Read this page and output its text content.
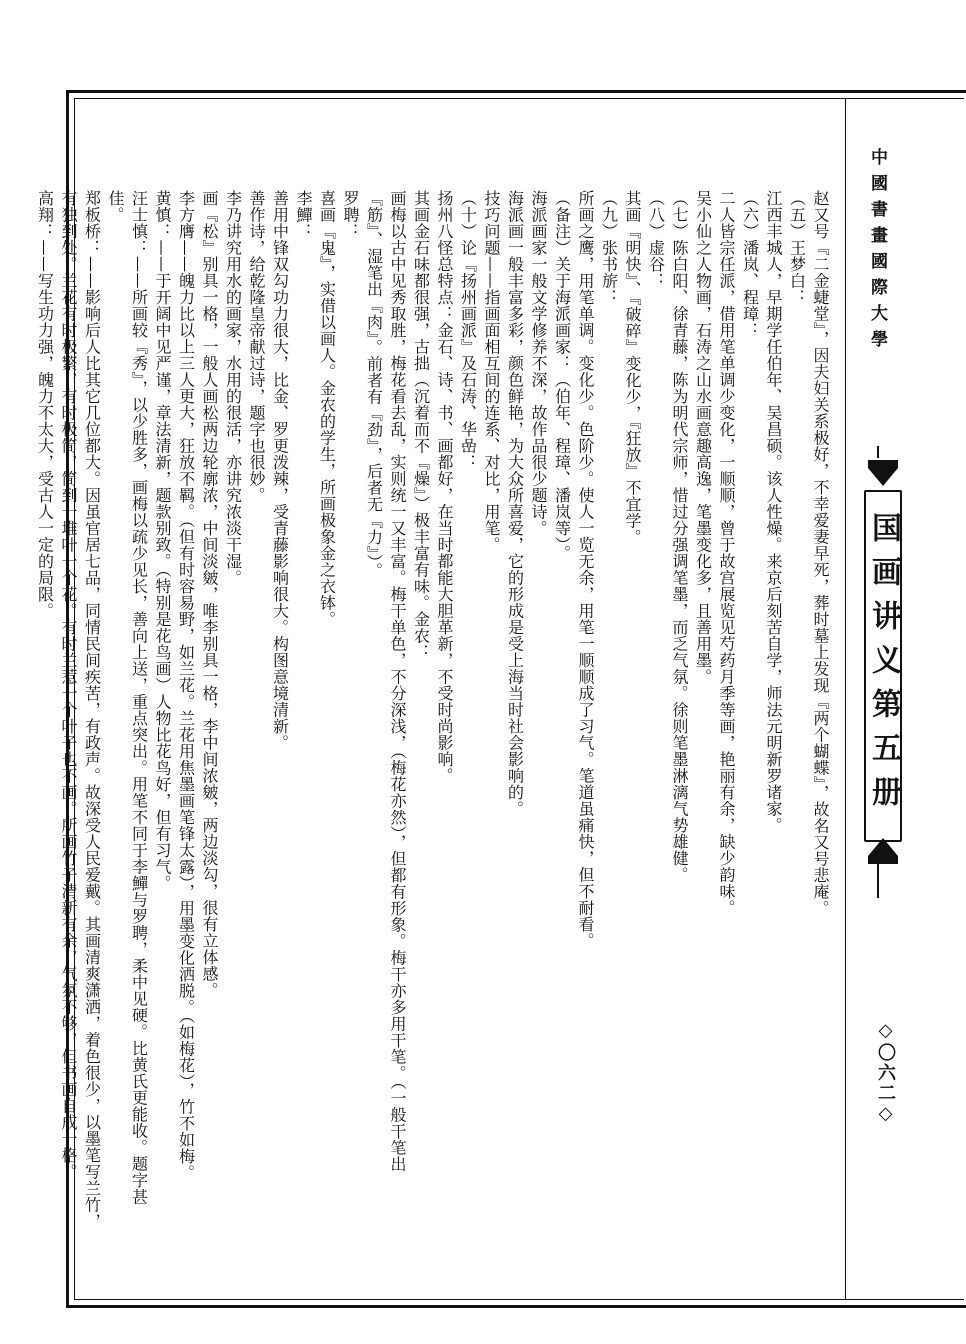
中國書畫國際大學
国画讲义第五册
◇〇六二◇

赵又号『二金蜨堂』，因夫妇关系极好，不幸爱妻早死，葬时墓上发现『两个蝴蝶』，故名又号悲庵。

（五）王梦白：

江西丰城人，早期学任伯年、吴昌硕。该人性燥。来京后刻苦自学，师法元明新罗诸家。

（六）潘岚、程璋：

二人皆宗任派，借用笔单调少变化，一顺顺，曾于故宫展览见芍药月季等画，艳丽有余，缺少韵味。

吴小仙之人物画，石涛之山水画意趣高逸，笔墨变化多，且善用墨。

（七）陈白阳、徐青藤，陈为明代宗师，惜过分强调笔墨，而乏气氛。徐则笔墨淋漓气势雄健。

（八）虚谷：

其画『明快』、『破碎』变化少，『狂放』不宜学。

（九）张书旂：

所画之鹰，用笔单调。变化少。色阶少。使人一览无余，用笔一顺顺成了习气。笔道虽痛快，但不耐看。

（备注）关于海派画家：（伯年、程璋、潘岚等）。

海派画家一般文学修养不深，故作品很少题诗。

海派画一般丰富多彩，颜色鲜艳，为大众所喜爱，它的形成是受上海当时社会影响的。

技巧问题——指画面相互间的连系、对比，用笔。

（十）论『扬州画派』及石涛、华嵒：

扬州八怪总特点：金石、诗、书、画都好，在当时都能大胆革新，不受时尚影响。

其画金石味都很强，古拙（沉着而不『燥』）极丰富有味。金农：

画梅以古中见秀取胜，梅花看去乱，实则统一又丰富。梅干单色，不分深浅，（梅花亦然），但都有形象。梅干亦多用干笔。（一般干笔出『筋』、湿笔出『肉』。前者有『劲』，后者无『力』）。

罗聘：

喜画『鬼』，实借以画人。金农的学生，所画极象金之衣钵。

李鱓：

善用中锋双勾功力很大，比金、罗更泼辣，受青藤影响很大。构图意境清新。

善作诗，给乾隆皇帝献过诗，题字也很妙。

李乃讲究用水的画家，水用的很活，亦讲究浓淡干湿。

画『松』别具一格，一般人画松两边轮廓浓，中间淡皴，唯李别具一格，李中间浓皴，两边淡勾，很有立体感。

李方膺——魄力比以上三人更大，狂放不羁。（但有时容易野，如兰花。兰花用焦墨画笔锋太露），用墨变化洒脱。（如梅花），竹不如梅。

黄慎：——于开阔中见严谨，章法清新，题款别致。（特别是花鸟画）人物比花鸟好，但有习气。

汪士慎：——所画较『秀』，以少胜多，画梅以疏少见长，善向上送，重点突出。用笔不同于李鱓与罗聘，柔中见硬。比黄氏更能收。题字甚佳。

郑板桥：——影响后人比其它几位都大。因虽官居七品，同情民间疾苦，有政声。故深受人民爱戴。其画清爽潇洒，着色很少，以墨笔写兰竹，有独到处。兰花有时极繁，有时极简，简到一堆叶一个花。有时兰惹一个叶子也不画。所画竹子清新有余，气氛不够，但书画自成一格。

高翔：——写生功力强，魄力不太大，受古人一定的局限。
